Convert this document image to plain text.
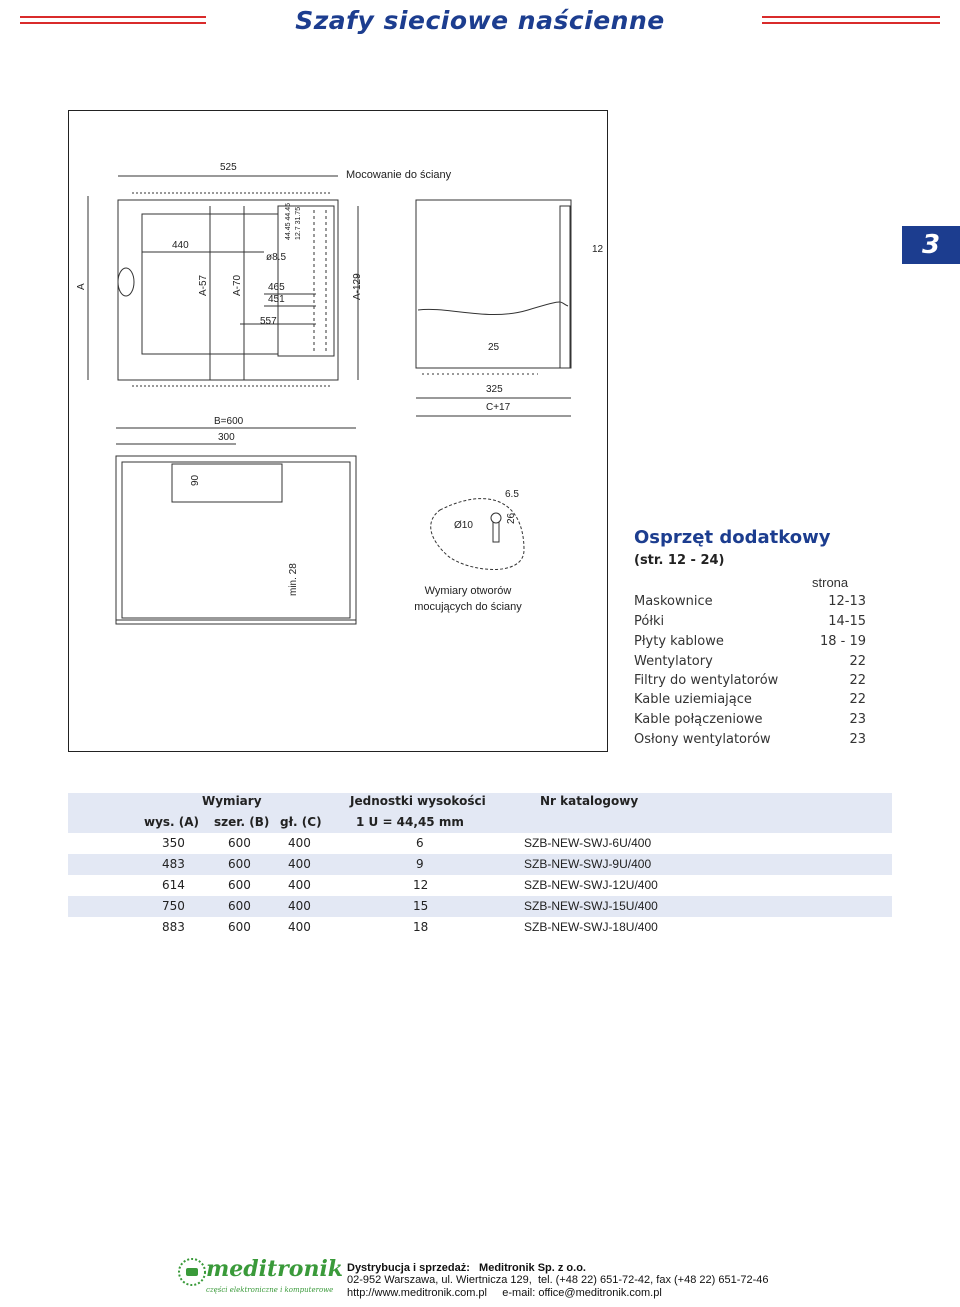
Szafy sieciowe naścienne
3
525
440
ø8.5
465
451
557
A	A-57 A-70	A-129
44.45 44.45 12.7 31.75
Mocowanie do ściany
12
25
325
C+17
B=600
300
90
min. 28
Ø10
6.5
26
Wymiary otworów
mocujących do ściany
Osprzęt dodatkowy
(str. 12 - 24)
strona
Maskownice	12-13
Półki	14-15
Płyty kablowe	18 - 19
Wentylatory	22
Filtry do wentylatorów	22
Kable uziemiające	22
Kable połączeniowe	23
Osłony wentylatorów	23
Wymiary	Jednostki wysokości	Nr katalogowy
wys. (A) szer. (B) gł. (C)	1 U = 44,45 mm
350	600	400	6	SZB-NEW-SWJ-6U/400
483	600	400	9	SZB-NEW-SWJ-9U/400
614	600	400	12	SZB-NEW-SWJ-12U/400
750	600	400	15	SZB-NEW-SWJ-15U/400
883	600	400	18	SZB-NEW-SWJ-18U/400
meditronik
części elektroniczne i komputerowe
Dystrybucja i sprzedaż:   Meditronik Sp. z o.o.
02-952 Warszawa, ul. Wiertnicza 129,  tel. (+48 22) 651-72-42, fax (+48 22) 651-72-46
http://www.meditronik.com.pl     e-mail: office@meditronik.com.pl
